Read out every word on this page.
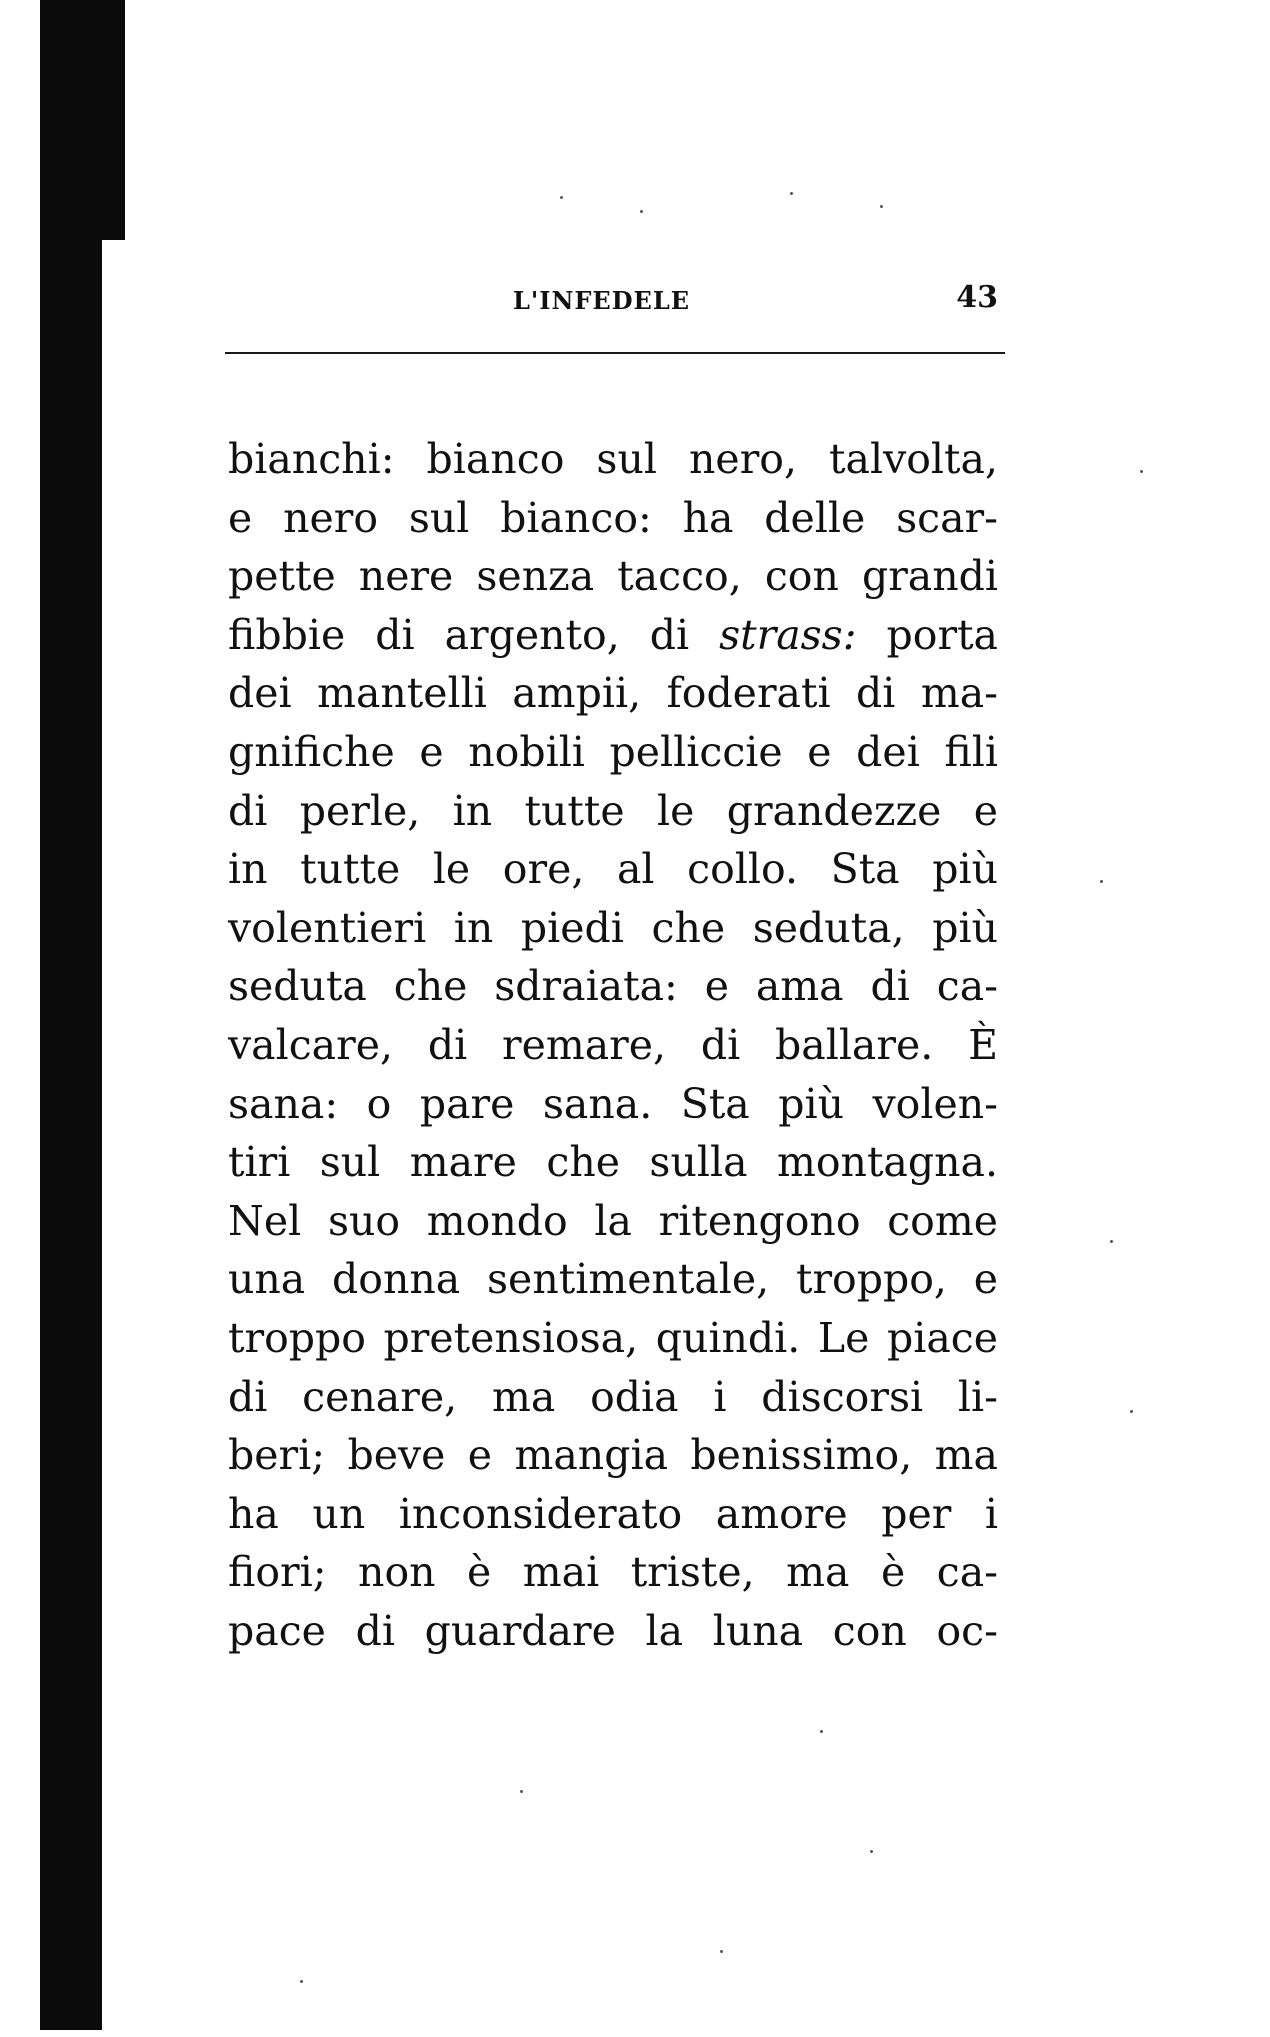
L'INFEDELE	43
bianchi: bianco sul nero, talvolta,
e nero sul bianco: ha delle scar-
pette nere senza tacco, con grandi
fibbie di argento, di strass: porta
dei mantelli ampii, foderati di ma-
gnifiche e nobili pelliccie e dei fili
di perle, in tutte le grandezze e
in tutte le ore, al collo. Sta più
volentieri in piedi che seduta, più
seduta che sdraiata: e ama di ca-
valcare, di remare, di ballare. È
sana: o pare sana. Sta più volen-
tiri sul mare che sulla montagna.
Nel suo mondo la ritengono come
una donna sentimentale, troppo, e
troppo pretensiosa, quindi. Le piace
di cenare, ma odia i discorsi li-
beri; beve e mangia benissimo, ma
ha un inconsiderato amore per i
fiori; non è mai triste, ma è ca-
pace di guardare la luna con oc-
